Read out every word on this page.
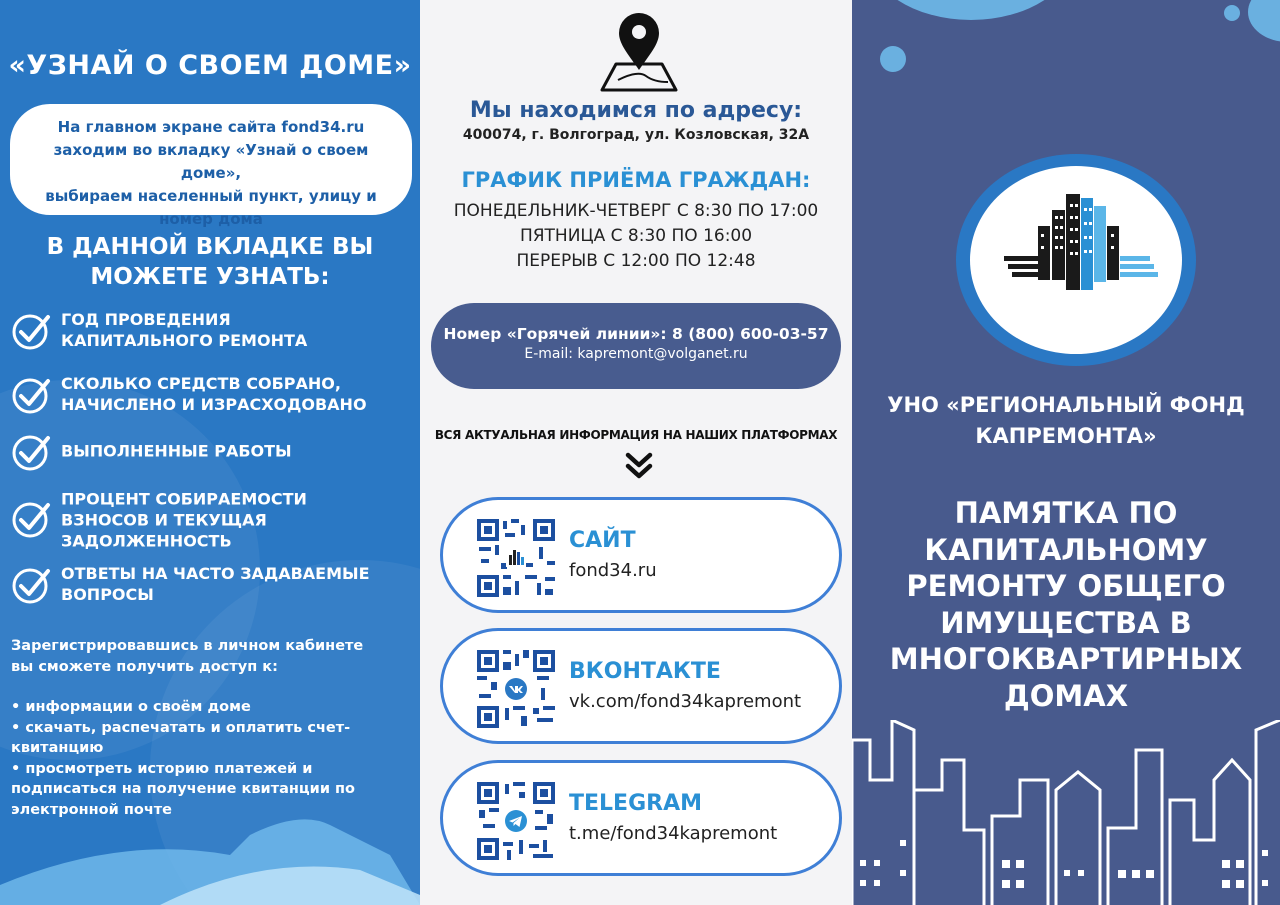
«УЗНАЙ О СВОЕМ ДОМЕ»
На главном экране сайта fond34.ru
заходим во вкладку «Узнай о своем доме»,
выбираем населенный пункт, улицу и
номер дома
В ДАННОЙ ВКЛАДКЕ ВЫ
МОЖЕТЕ УЗНАТЬ:
ГОД ПРОВЕДЕНИЯ
КАПИТАЛЬНОГО РЕМОНТА
СКОЛЬКО СРЕДСТВ СОБРАНО,
НАЧИСЛЕНО И ИЗРАСХОДОВАНО
ВЫПОЛНЕННЫЕ РАБОТЫ
ПРОЦЕНТ СОБИРАЕМОСТИ
ВЗНОСОВ И ТЕКУЩАЯ
ЗАДОЛЖЕННОСТЬ
ОТВЕТЫ НА ЧАСТО ЗАДАВАЕМЫЕ
ВОПРОСЫ

Зарегистрировавшись в личном кабинете

вы сможете получить доступ к:

• информации о своём доме

• скачать, распечатать и оплатить счет-

квитанцию

• просмотреть историю платежей и

подписаться на получение квитанции по

электронной почте

Мы находимся по адресу:
400074, г. Волгоград, ул. Козловская, 32А
ГРАФИК ПРИЁМА ГРАЖДАН:
ПОНЕДЕЛЬНИК-ЧЕТВЕРГ С 8:30 ПО 17:00
ПЯТНИЦА С 8:30 ПО 16:00
ПЕРЕРЫВ С 12:00 ПО 12:48
Номер «Горячей линии»: 8 (800) 600-03-57
E-mail: kapremont@volganet.ru
ВСЯ АКТУАЛЬНАЯ ИНФОРМАЦИЯ НА НАШИХ ПЛАТФОРМАХ
САЙТ
fond34.ru
ВКОНТАКТЕ
vk.com/fond34kapremont
TELEGRAM
t.me/fond34kapremont
УНО «РЕГИОНАЛЬНЫЙ ФОНД
КАПРЕМОНТА»
ПАМЯТКА ПО
КАПИТАЛЬНОМУ
РЕМОНТУ ОБЩЕГО
ИМУЩЕСТВА В
МНОГОКВАРТИРНЫХ
ДОМАХ
